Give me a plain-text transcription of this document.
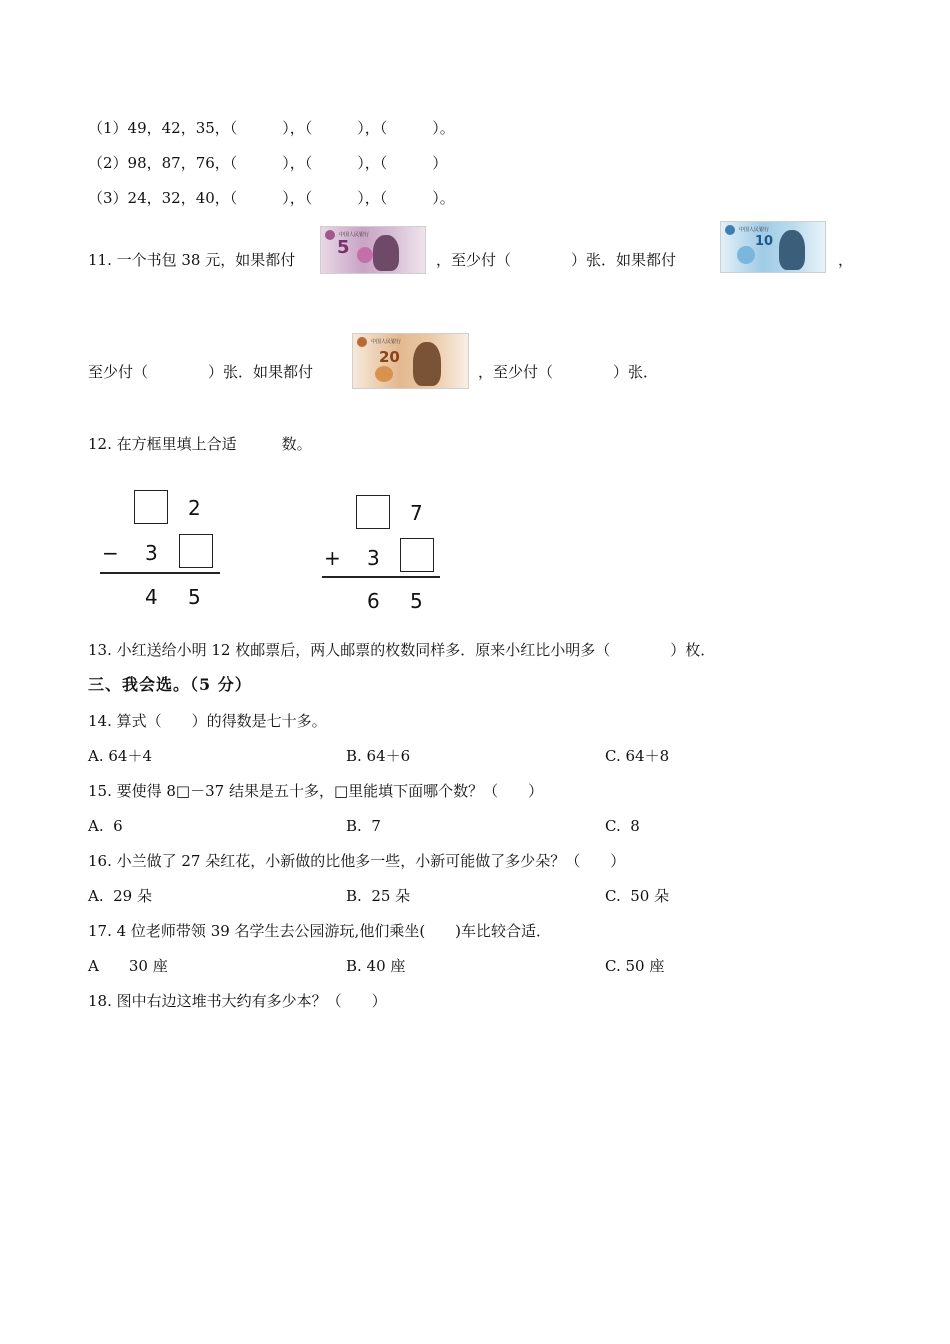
（1）49，42，35，（　　　），（　　　），（　　　）。
（2）98，87，76，（　　　），（　　　），（　　　）
（3）24，32，40，（　　　），（　　　），（　　　）。
11. 一个书包 38 元，如果都付
中国人民银行
5
，至少付（　　　　）张．如果都付
中国人民银行
10
，
至少付（　　　　）张．如果都付
中国人民银行
20
，至少付（　　　　）张．
12. 在方框里填上合适　　　数。
2
− 3
4 5
7
+ 3
6 5
13. 小红送给小明 12 枚邮票后，两人邮票的枚数同样多．原来小红比小明多（　　　　）枚．
三、我会选。（5 分）
14. 算式（　　）的得数是七十多。
A. 64＋4	B. 64＋6	C. 64＋8
15. 要使得 8□－37 结果是五十多，□里能填下面哪个数？（　　）
A.  6	B.  7	C.  8
16. 小兰做了 27 朵红花，小新做的比他多一些，小新可能做了多少朵？（　　）
A.  29 朵	B.  25 朵	C.  50 朵
17. 4 位老师带领 39 名学生去公园游玩,他们乘坐(　　)车比较合适．
A　　30 座	B. 40 座	C. 50 座
18. 图中右边这堆书大约有多少本？（　　）
